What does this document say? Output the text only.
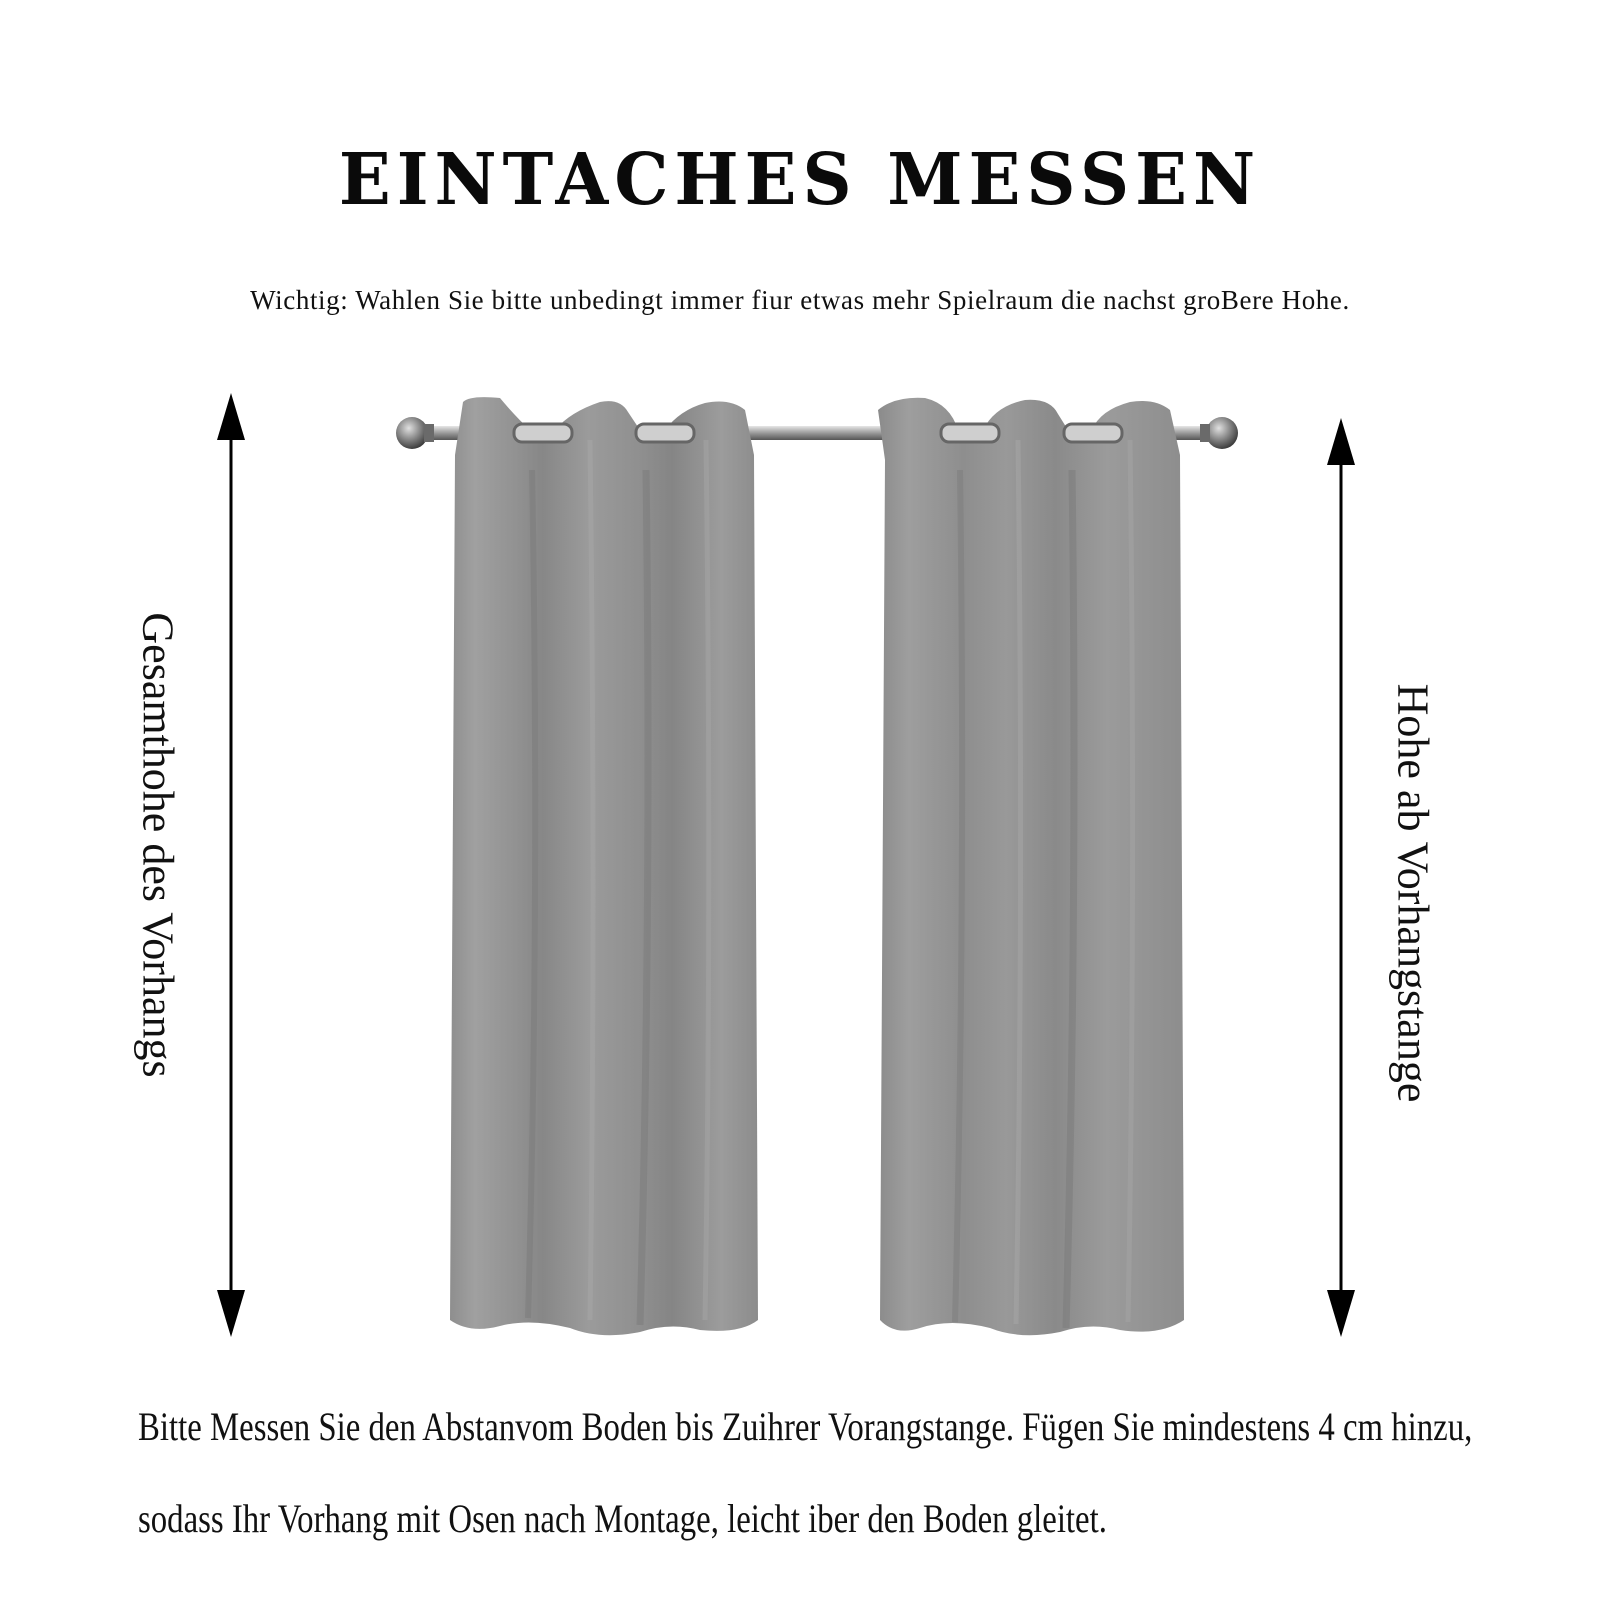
EINTACHES MESSEN
Wichtig: Wahlen Sie bitte unbedingt immer fiur etwas mehr Spielraum die nachst groBere Hohe.
Gesamthohe des Vorhangs	Hohe ab Vorhangstange
Bitte Messen Sie den Abstanvom Boden bis Zuihrer Vorangstange. Fügen Sie mindestens 4 cm hinzu,
sodass Ihr Vorhang mit Osen nach Montage, leicht iber den Boden gleitet.
